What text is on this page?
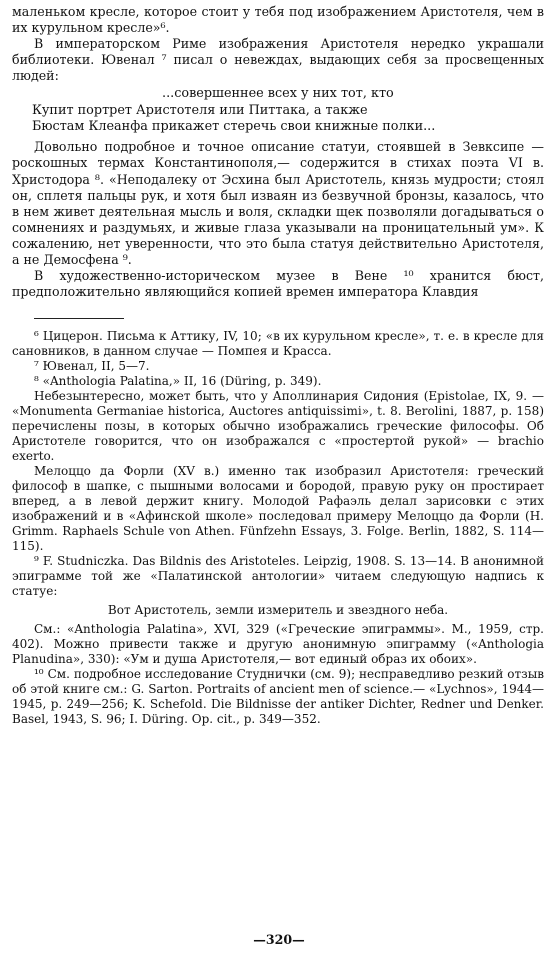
маленьком кресле, которое стоит у тебя под изображением Аристотеля, чем в их курульном кресле»⁶.

В императорском Риме изображения Аристотеля нередко украшали библиотеки. Ювенал ⁷ писал о невеждах, выдающих себя за просвещенных людей:

...совершеннее всех у них тот, кто
Купит портрет Аристотеля или Питтака, а также
Бюстам Клеанфа прикажет стеречь свои книжные полки...

Довольно подробное и точное описание статуи, стоявшей в Зевксипе — роскошных термах Константинополя,— содержится в стихах поэта VI в. Христодора ⁸. «Неподалеку от Эсхина был Аристотель, князь мудрости; стоял он, сплетя пальцы рук, и хотя был изваян из безвучной бронзы, казалось, что в нем живет деятельная мысль и воля, складки щек позволяли догадываться о сомнениях и раздумьях, и живые глаза указывали на проницательный ум». К сожалению, нет уверенности, что это была статуя действительно Аристотеля, а не Демосфена ⁹.

В художественно-историческом музее в Вене ¹⁰ хранится бюст, предположительно являющийся копией времен императора Клавдия

⁶ Цицерон. Письма к Аттику, IV, 10; «в их курульном кресле», т. е. в кресле для сановников, в данном случае — Помпея и Красса.

⁷ Ювенал, II, 5—7.

⁸ «Anthologia Palatina,» II, 16 (Düring, p. 349).

Небезынтересно, может быть, что у Аполлинария Сидония (Epistolae, IX, 9. — «Monumenta Germaniae historica, Auctores antiquissimi», t. 8. Berolini, 1887, p. 158) перечислены позы, в которых обычно изображались греческие философы. Об Аристотеле говорится, что он изображался с «простертой рукой» — brachio exerto.

Мелоццо да Форли (XV в.) именно так изобразил Аристотеля: греческий философ в шапке, с пышными волосами и бородой, правую руку он простирает вперед, а в левой держит книгу. Молодой Рафаэль делал зарисовки с этих изображений и в «Афинской школе» последовал примеру Мелоццо да Форли (H. Grimm. Raphaels Schule von Athen. Fünfzehn Essays, 3. Folge. Berlin, 1882, S. 114—115).

⁹ F. Studniczka. Das Bildnis des Aristoteles. Leipzig, 1908. S. 13—14. В анонимной эпиграмме той же «Палатинской антологии» читаем следующую надпись к статуе:

Вот Аристотель, земли измеритель и звездного неба.

См.: «Anthologia Palatina», XVI, 329 («Греческие эпиграммы». М., 1959, стр. 402). Можно привести также и другую анонимную эпиграмму («Anthologia Planudina», 330): «Ум и душа Аристотеля,— вот единый образ их обоих».

¹⁰ См. подробное исследование Студнички (см. 9); несправедливо резкий отзыв об этой книге см.: G. Sarton. Portraits of ancient men of science.— «Lychnos», 1944—1945, p. 249—256; K. Schefold. Die Bildnisse der antiker Dichter, Redner und Denker. Basel, 1943, S. 96; I. Düring. Op. cit., p. 349—352.

—320—
